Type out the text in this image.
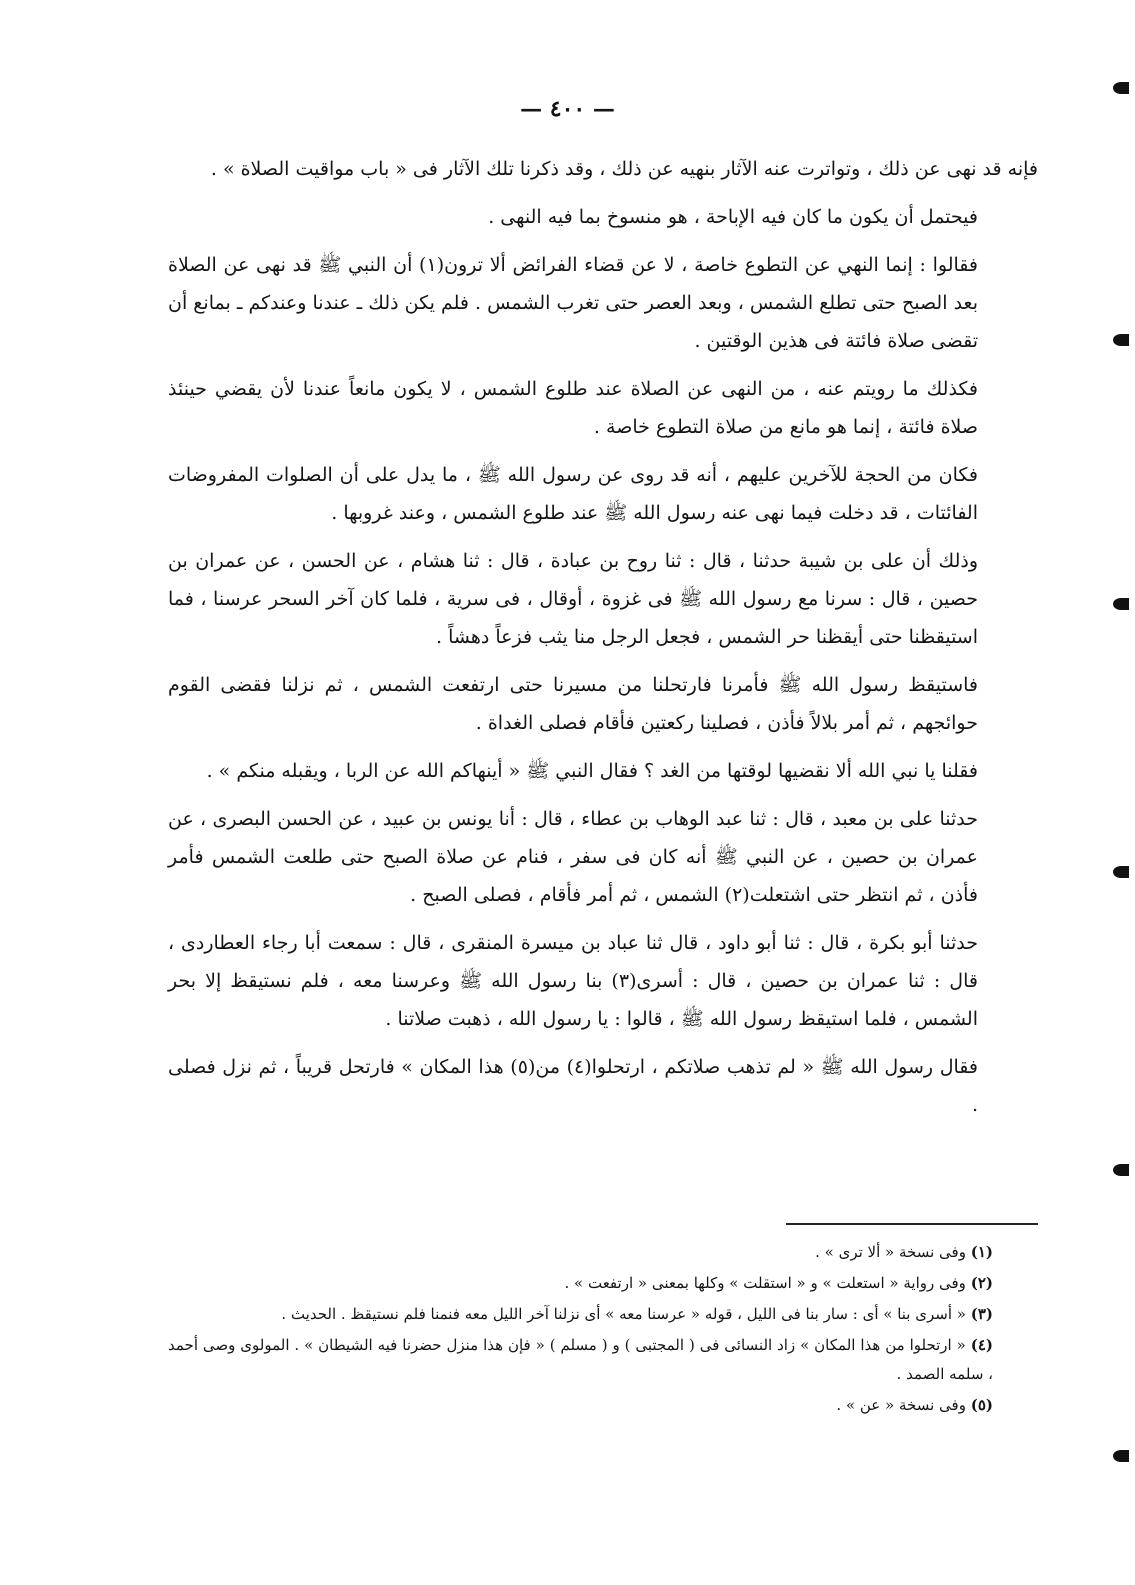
— ٤٠٠ —

فإنه قد نهى عن ذلك ، وتواترت عنه الآثار بنهيه عن ذلك ، وقد ذكرنا تلك الآثار فى « باب مواقيت الصلاة » .

فيحتمل أن يكون ما كان فيه الإباحة ، هو منسوخ بما فيه النهى .

فقالوا : إنما النهي عن التطوع خاصة ، لا عن قضاء الفرائض ألا ترون(١) أن النبي ﷺ قد نهى عن الصلاة بعد الصبح حتى تطلع الشمس ، وبعد العصر حتى تغرب الشمس . فلم يكن ذلك ـ عندنا وعندكم ـ بمانع أن تقضى صلاة فائتة فى هذين الوقتين .

فكذلك ما رويتم عنه ، من النهى عن الصلاة عند طلوع الشمس ، لا يكون مانعاً عندنا لأن يقضي حينئذ صلاة فائتة ، إنما هو مانع من صلاة التطوع خاصة .

فكان من الحجة للآخرين عليهم ، أنه قد روى عن رسول الله ﷺ ، ما يدل على أن الصلوات المفروضات الفائتات ، قد دخلت فيما نهى عنه رسول الله ﷺ عند طلوع الشمس ، وعند غروبها .

وذلك أن على بن شيبة حدثنا ، قال : ثنا روح بن عبادة ، قال : ثنا هشام ، عن الحسن ، عن عمران بن حصين ، قال : سرنا مع رسول الله ﷺ فى غزوة ، أوقال ، فى سرية ، فلما كان آخر السحر عرسنا ، فما استيقظنا حتى أيقظنا حر الشمس ، فجعل الرجل منا يثب فزعاً دهشاً .

فاستيقظ رسول الله ﷺ فأمرنا فارتحلنا من مسيرنا حتى ارتفعت الشمس ، ثم نزلنا فقضى القوم حوائجهم ، ثم أمر بلالاً فأذن ، فصلينا ركعتين فأقام فصلى الغداة .

فقلنا يا نبي الله ألا نقضيها لوقتها من الغد ؟ فقال النبي ﷺ « أينهاكم الله عن الربا ، ويقبله منكم » .

حدثنا على بن معبد ، قال : ثنا عبد الوهاب بن عطاء ، قال : أنا يونس بن عبيد ، عن الحسن البصرى ، عن عمران بن حصين ، عن النبي ﷺ أنه كان فى سفر ، فنام عن صلاة الصبح حتى طلعت الشمس فأمر فأذن ، ثم انتظر حتى اشتعلت(٢) الشمس ، ثم أمر فأقام ، فصلى الصبح .

حدثنا أبو بكرة ، قال : ثنا أبو داود ، قال ثنا عباد بن ميسرة المنقرى ، قال : سمعت أبا رجاء العطاردى ، قال : ثنا عمران بن حصين ، قال : أسرى(٣) بنا رسول الله ﷺ وعرسنا معه ، فلم نستيقظ إلا بحر الشمس ، فلما استيقظ رسول الله ﷺ ، قالوا : يا رسول الله ، ذهبت صلاتنا .

فقال رسول الله ﷺ « لم تذهب صلاتكم ، ارتحلوا(٤) من(٥) هذا المكان » فارتحل قريباً ، ثم نزل فصلى .

(١) وفى نسخة « ألا ترى » .

(٢) وفى رواية « استعلت » و « استقلت » وكلها بمعنى « ارتفعت » .

(٣) « أسرى بنا » أى : سار بنا فى الليل ، قوله « عرسنا معه » أى نزلنا آخر الليل معه فنمنا فلم نستيقظ . الحديث .

(٤) « ارتحلوا من هذا المكان » زاد النسائى فى ( المجتبى ) و ( مسلم ) « فإن هذا منزل حضرنا فيه الشيطان » . المولوى وصى أحمد ، سلمه الصمد .

(٥) وفى نسخة « عن » .
